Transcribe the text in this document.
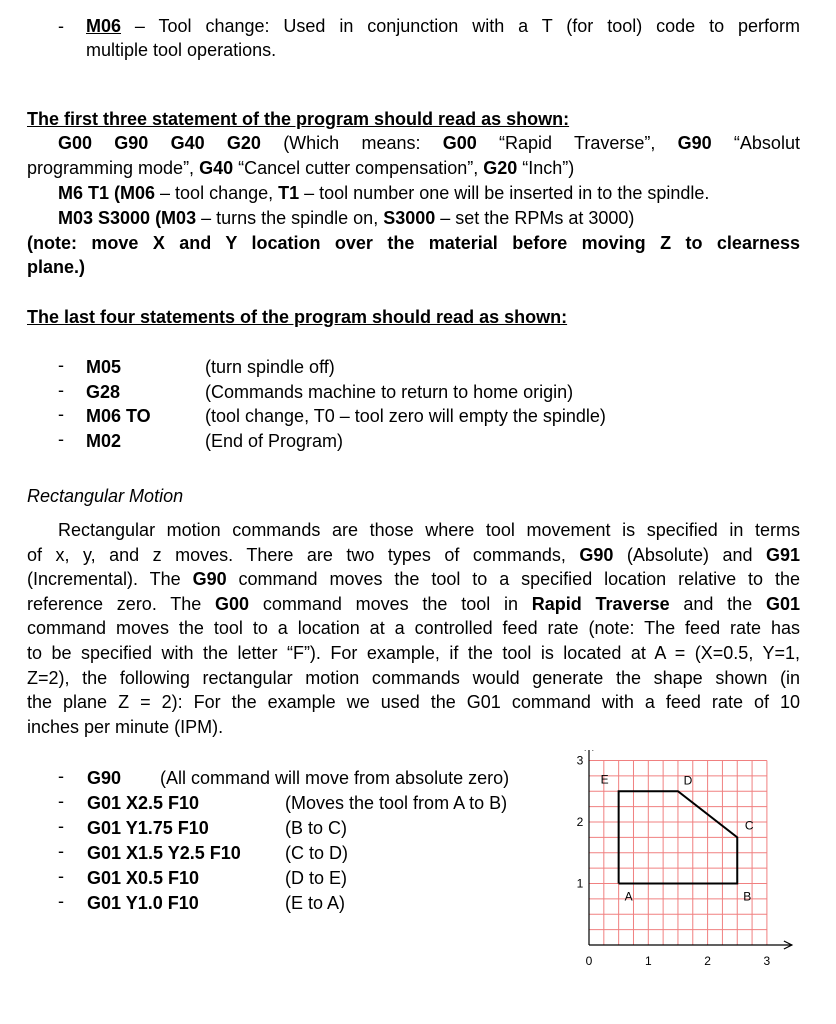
- M06 – Tool change: Used in conjunction with a T (for tool) code to perform
multiple tool operations.
The first three statement of the program should read as shown:
G00 G90 G40 G20 (Which means: G00 “Rapid Traverse”, G90 “Absolut
programming mode”, G40 “Cancel cutter compensation”, G20 “Inch”)
M6 T1 (M06 – tool change, T1 – tool number one will be inserted in to the spindle.
M03 S3000 (M03 – turns the spindle on, S3000 – set the RPMs at 3000)
(note: move X and Y location over the material before moving Z to clearness
plane.)
The last four statements of the program should read as shown:
- M05	(turn spindle off)
- G28	(Commands machine to return to home origin)
- M06 TO	(tool change, T0 – tool zero will empty the spindle)
- M02	(End of Program)
Rectangular Motion
Rectangular motion commands are those where tool movement is specified in terms
of x, y, and z moves. There are two types of commands, G90 (Absolute) and G91
(Incremental). The G90 command moves the tool to a specified location relative to the
reference zero. The G00 command moves the tool in Rapid Traverse and the G01
command moves the tool to a location at a controlled feed rate (note: The feed rate has
to be specified with the letter “F”). For example, if the tool is located at A = (X=0.5, Y=1,
Z=2), the following rectangular motion commands would generate the shape shown (in
the plane Z = 2): For the example we used the G01 command with a feed rate of 10
inches per minute (IPM).
- G90 (All command will move from absolute zero)
- G01 X2.5 F10	(Moves the tool from A to B)
- G01 Y1.75 F10	(B to C)
- G01 X1.5 Y2.5 F10 (C to D)
- G01 X0.5 F10	(D to E)
- G01 Y1.0 F10	(E to A)
0	1	2	3
1
2
3
A	B
C
D
E
